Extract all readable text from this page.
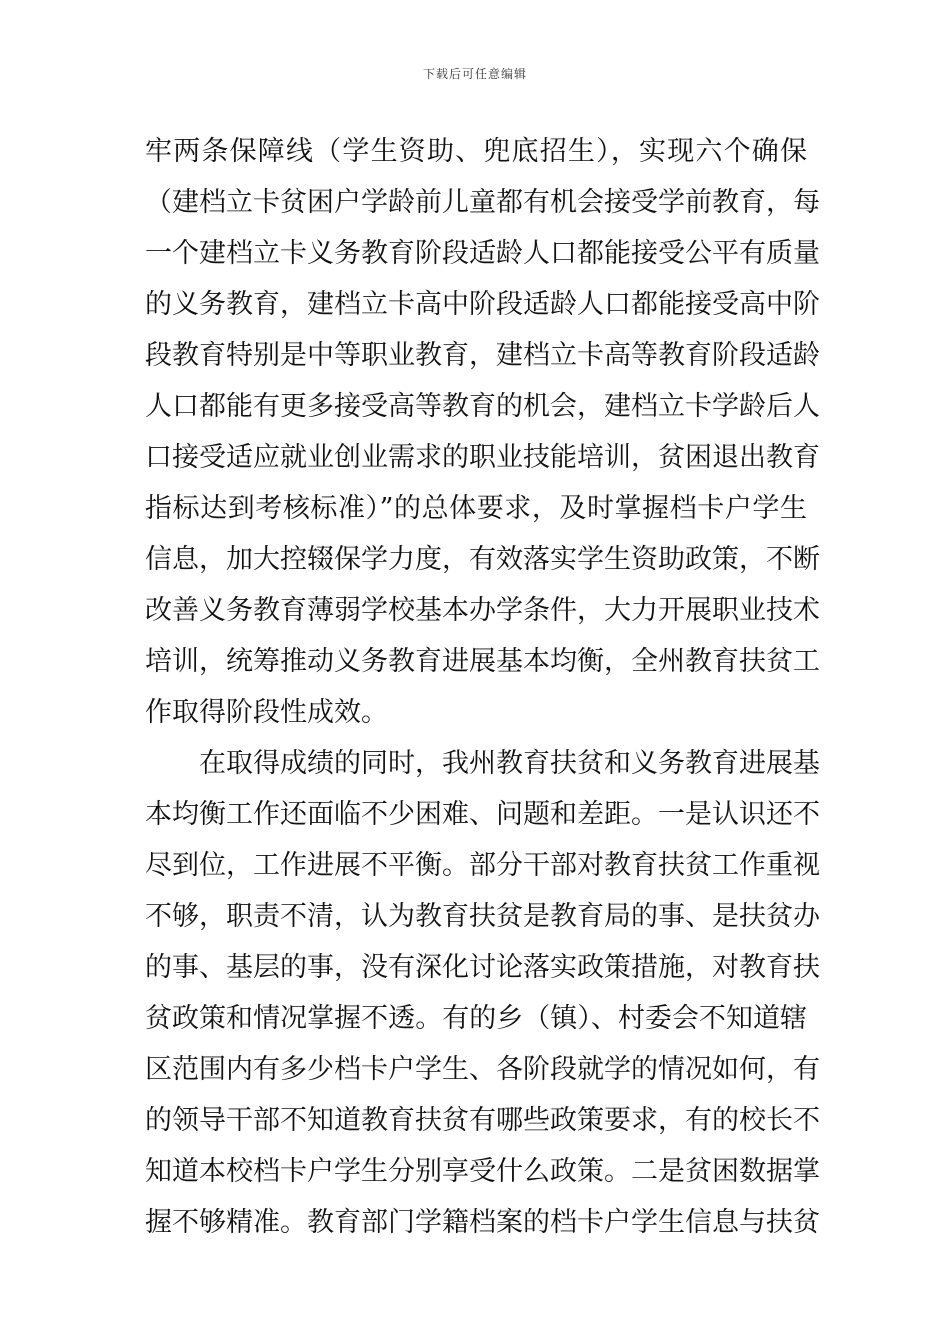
下载后可任意编辑
牢两条保障线（学生资助、兜底招生），实现六个确保
（建档立卡贫困户学龄前儿童都有机会接受学前教育，每
一个建档立卡义务教育阶段适龄人口都能接受公平有质量
的义务教育，建档立卡高中阶段适龄人口都能接受高中阶
段教育特别是中等职业教育，建档立卡高等教育阶段适龄
人口都能有更多接受高等教育的机会，建档立卡学龄后人
口接受适应就业创业需求的职业技能培训，贫困退出教育
指标达到考核标准）”的总体要求，及时掌握档卡户学生
信息，加大控辍保学力度，有效落实学生资助政策，不断
改善义务教育薄弱学校基本办学条件，大力开展职业技术
培训，统筹推动义务教育进展基本均衡，全州教育扶贫工
作取得阶段性成效。
在取得成绩的同时，我州教育扶贫和义务教育进展基
本均衡工作还面临不少困难、问题和差距。一是认识还不
尽到位，工作进展不平衡。部分干部对教育扶贫工作重视
不够，职责不清，认为教育扶贫是教育局的事、是扶贫办
的事、基层的事，没有深化讨论落实政策措施，对教育扶
贫政策和情况掌握不透。有的乡（镇）、村委会不知道辖
区范围内有多少档卡户学生、各阶段就学的情况如何，有
的领导干部不知道教育扶贫有哪些政策要求，有的校长不
知道本校档卡户学生分别享受什么政策。二是贫困数据掌
握不够精准。教育部门学籍档案的档卡户学生信息与扶贫
